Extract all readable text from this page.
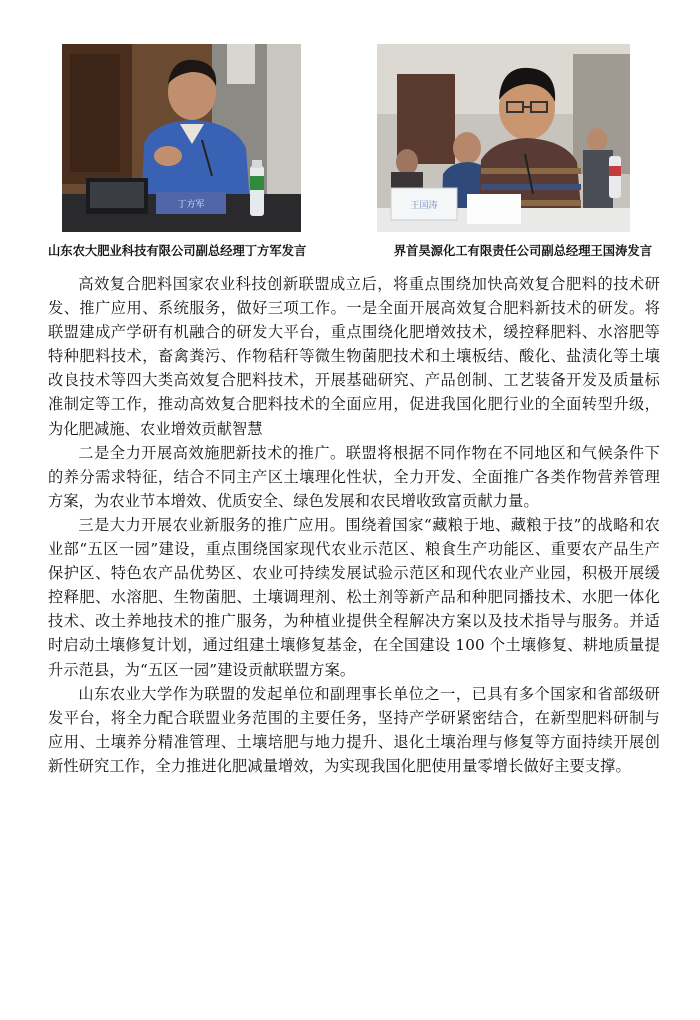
丁方军	王国涛
山东农大肥业科技有限公司副总经理丁方军发言	界首昊源化工有限责任公司副总经理王国涛发言

高效复合肥料国家农业科技创新联盟成立后，将重点围绕加快高效复合肥料的技术研发、推广应用、系统服务，做好三项工作。一是全面开展高效复合肥料新技术的研发。将联盟建成产学研有机融合的研发大平台，重点围绕化肥增效技术，缓控释肥料、水溶肥等特种肥料技术，畜禽粪污、作物秸秆等微生物菌肥技术和土壤板结、酸化、盐渍化等土壤改良技术等四大类高效复合肥料技术，开展基础研究、产品创制、工艺装备开发及质量标准制定等工作，推动高效复合肥料技术的全面应用，促进我国化肥行业的全面转型升级，为化肥减施、农业增效贡献智慧

二是全力开展高效施肥新技术的推广。联盟将根据不同作物在不同地区和气候条件下的养分需求特征，结合不同主产区土壤理化性状，全力开发、全面推广各类作物营养管理方案，为农业节本增效、优质安全、绿色发展和农民增收致富贡献力量。

三是大力开展农业新服务的推广应用。围绕着国家“藏粮于地、藏粮于技”的战略和农业部“五区一园”建设，重点围绕国家现代农业示范区、粮食生产功能区、重要农产品生产保护区、特色农产品优势区、农业可持续发展试验示范区和现代农业产业园，积极开展缓控释肥、水溶肥、生物菌肥、土壤调理剂、松土剂等新产品和种肥同播技术、水肥一体化技术、改土养地技术的推广服务，为种植业提供全程解决方案以及技术指导与服务。并适时启动土壤修复计划，通过组建土壤修复基金，在全国建设 100 个土壤修复、耕地质量提升示范县，为“五区一园”建设贡献联盟方案。

山东农业大学作为联盟的发起单位和副理事长单位之一，已具有多个国家和省部级研发平台，将全力配合联盟业务范围的主要任务，坚持产学研紧密结合，在新型肥料研制与应用、土壤养分精准管理、土壤培肥与地力提升、退化土壤治理与修复等方面持续开展创新性研究工作，全力推进化肥减量增效，为实现我国化肥使用量零增长做好主要支撑。
